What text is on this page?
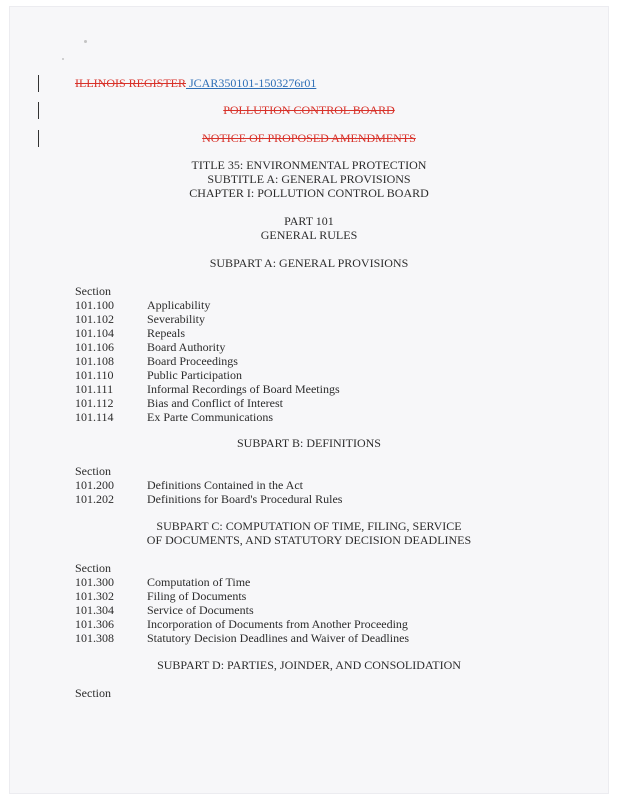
ILLINOIS REGISTER JCAR350101-1503276r01
POLLUTION CONTROL BOARD
NOTICE OF PROPOSED AMENDMENTS
TITLE 35: ENVIRONMENTAL PROTECTION
SUBTITLE A: GENERAL PROVISIONS
CHAPTER I: POLLUTION CONTROL BOARD
PART 101
GENERAL RULES
SUBPART A: GENERAL PROVISIONS
Section
101.100	Applicability
101.102	Severability
101.104	Repeals
101.106	Board Authority
101.108	Board Proceedings
101.110	Public Participation
101.111	Informal Recordings of Board Meetings
101.112	Bias and Conflict of Interest
101.114	Ex Parte Communications
SUBPART B: DEFINITIONS
Section
101.200	Definitions Contained in the Act
101.202	Definitions for Board's Procedural Rules
SUBPART C: COMPUTATION OF TIME, FILING, SERVICE
OF DOCUMENTS, AND STATUTORY DECISION DEADLINES
Section
101.300	Computation of Time
101.302	Filing of Documents
101.304	Service of Documents
101.306	Incorporation of Documents from Another Proceeding
101.308	Statutory Decision Deadlines and Waiver of Deadlines
SUBPART D: PARTIES, JOINDER, AND CONSOLIDATION
Section
